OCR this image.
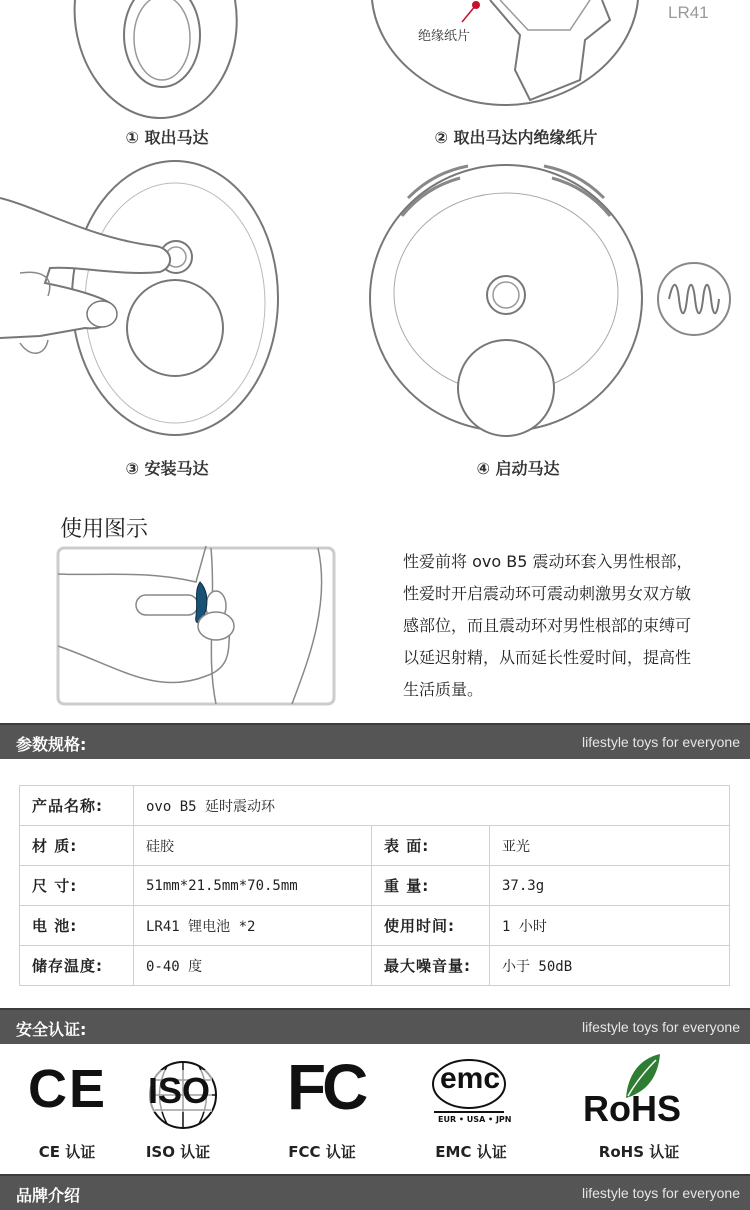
① 取出马达
绝缘纸片
LR41
② 取出马达内绝缘纸片
③ 安装马达	④ 启动马达
使用图示
性爱前将 ovo B5 震动环套入男性根部，性爱时开启震动环可震动刺激男女双方敏感部位，而且震动环对男性根部的束缚可以延迟射精，从而延长性爱时间，提高性生活质量。
参数规格:	lifestyle toys for everyone
产品名称:	ovo B5 延时震动环		
材 质:	硅胶	表 面:	亚光
尺 寸:	51mm*21.5mm*70.5mm	重 量:	37.3g
电 池:	LR41 锂电池 *2	使用时间:	1 小时
储存温度:	0-40 度	最大噪音量:	小于 50dB
安全认证:	lifestyle toys for everyone
CE
CE 认证
ISO
ISO 认证
FC
FCC 认证
emc
EUR • USA • JPN
EMC 认证
RoHS
RoHS 认证
品牌介绍	lifestyle toys for everyone
